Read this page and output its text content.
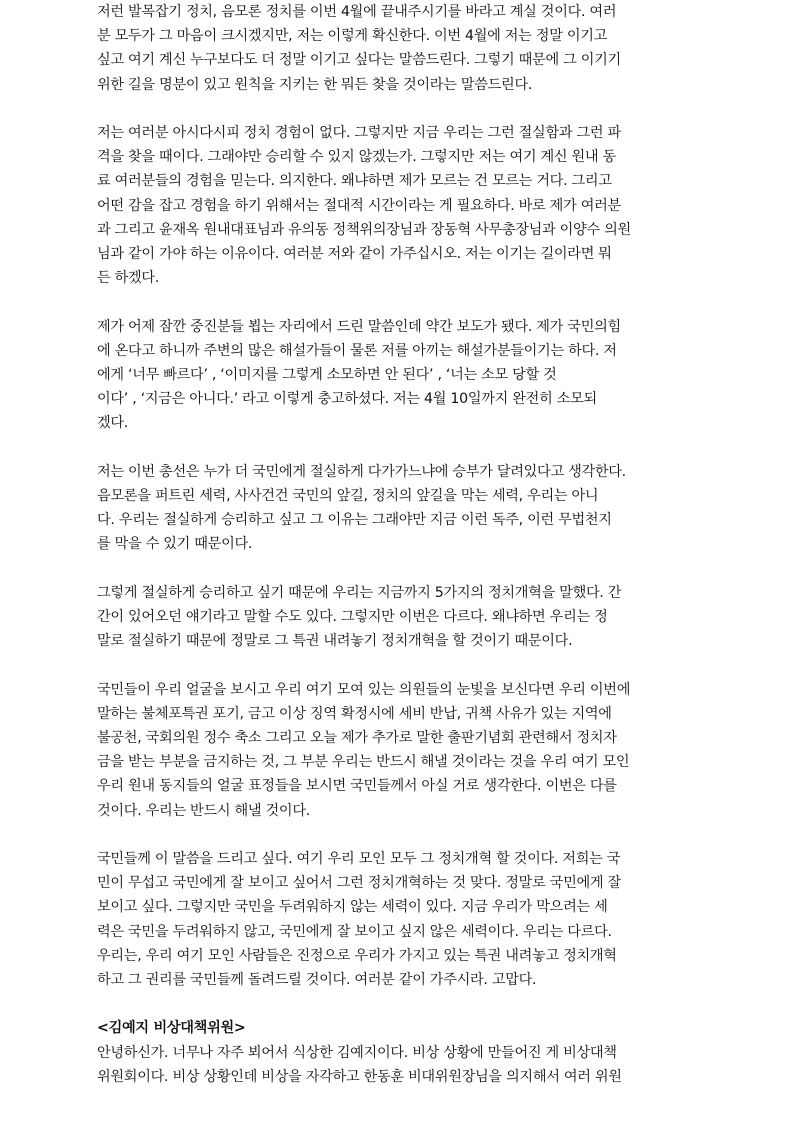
저런 발목잡기 정치, 음모론 정치를 이번 4월에 끝내주시기를 바라고 계실 것이다. 여러
분 모두가 그 마음이 크시겠지만, 저는 이렇게 확신한다. 이번 4월에 저는 정말 이기고
싶고 여기 계신 누구보다도 더 정말 이기고 싶다는 말씀드린다. 그렇기 때문에 그 이기기
위한 길을 명분이 있고 원칙을 지키는 한 뭐든 찾을 것이라는 말씀드린다.

저는 여러분 아시다시피 정치 경험이 없다. 그렇지만 지금 우리는 그런 절실함과 그런 파
격을 찾을 때이다. 그래야만 승리할 수 있지 않겠는가. 그렇지만 저는 여기 계신 원내 동
료 여러분들의 경험을 믿는다. 의지한다. 왜냐하면 제가 모르는 건 모르는 거다. 그리고
어떤 감을 잡고 경험을 하기 위해서는 절대적 시간이라는 게 필요하다. 바로 제가 여러분
과 그리고 윤재옥 원내대표님과 유의동 정책위의장님과 장동혁 사무총장님과 이양수 의원
님과 같이 가야 하는 이유이다. 여러분 저와 같이 가주십시오. 저는 이기는 길이라면 뭐
든 하겠다.

제가 어제 잠깐 중진분들 뵙는 자리에서 드린 말씀인데 약간 보도가 됐다. 제가 국민의힘
에 온다고 하니까 주변의 많은 해설가들이 물론 저를 아끼는 해설가분들이기는 하다. 저
에게 ‘너무 빠르다’ , ‘이미지를 그렇게 소모하면 안 된다’ , ‘너는 소모 당할 것
이다’ , ‘지금은 아니다.’ 라고 이렇게 충고하셨다. 저는 4월 10일까지 완전히 소모되
겠다.

저는 이번 총선은 누가 더 국민에게 절실하게 다가가느냐에 승부가 달려있다고 생각한다.
음모론을 퍼트린 세력, 사사건건 국민의 앞길, 정치의 앞길을 막는 세력, 우리는 아니
다. 우리는 절실하게 승리하고 싶고 그 이유는 그래야만 지금 이런 독주, 이런 무법천지
를 막을 수 있기 때문이다.

그렇게 절실하게 승리하고 싶기 때문에 우리는 지금까지 5가지의 정치개혁을 말했다. 간
간이 있어오던 얘기라고 말할 수도 있다. 그렇지만 이번은 다르다. 왜냐하면 우리는 정
말로 절실하기 때문에 정말로 그 특권 내려놓기 정치개혁을 할 것이기 때문이다.

국민들이 우리 얼굴을 보시고 우리 여기 모여 있는 의원들의 눈빛을 보신다면 우리 이번에
말하는 불체포특권 포기, 금고 이상 징역 확정시에 세비 반납, 귀책 사유가 있는 지역에
불공천, 국회의원 정수 축소 그리고 오늘 제가 추가로 말한 출판기념회 관련해서 정치자
금을 받는 부분을 금지하는 것, 그 부분 우리는 반드시 해낼 것이라는 것을 우리 여기 모인
우리 원내 동지들의 얼굴 표정들을 보시면 국민들께서 아실 거로 생각한다. 이번은 다를
것이다. 우리는 반드시 해낼 것이다.

국민들께 이 말씀을 드리고 싶다. 여기 우리 모인 모두 그 정치개혁 할 것이다. 저희는 국
민이 무섭고 국민에게 잘 보이고 싶어서 그런 정치개혁하는 것 맞다. 정말로 국민에게 잘
보이고 싶다. 그렇지만 국민을 두려워하지 않는 세력이 있다. 지금 우리가 막으려는 세
력은 국민을 두려워하지 않고, 국민에게 잘 보이고 싶지 않은 세력이다. 우리는 다르다.
우리는, 우리 여기 모인 사람들은 진정으로 우리가 가지고 있는 특권 내려놓고 정치개혁
하고 그 권리를 국민들께 돌려드릴 것이다. 여러분 같이 가주시라. 고맙다.

<김예지 비상대책위원>

안녕하신가. 너무나 자주 뵈어서 식상한 김예지이다. 비상 상황에 만들어진 게 비상대책
위원회이다. 비상 상황인데 비상을 자각하고 한동훈 비대위원장님을 의지해서 여러 위원
